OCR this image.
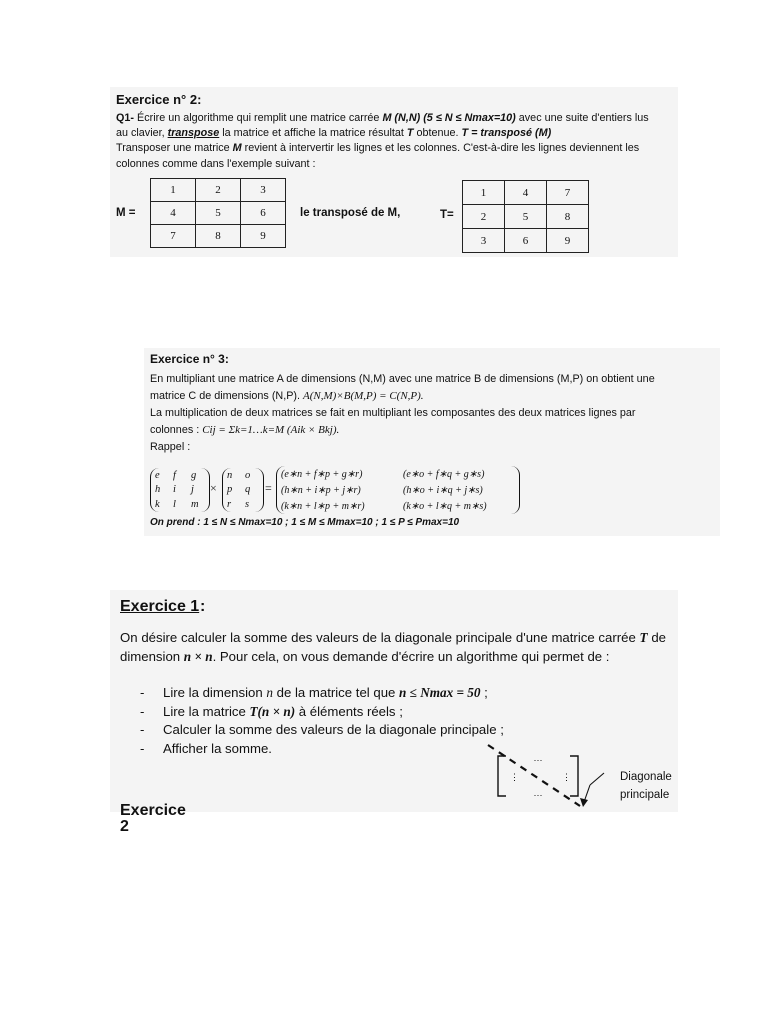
Exercice n° 2:
Q1- Écrire un algorithme qui remplit une matrice carrée M (N,N) (5 ≤ N ≤ Nmax=10) avec une suite d'entiers lus
au clavier, transpose la matrice et affiche la matrice résultat T obtenue. T = transposé (M)
Transposer une matrice M revient à intervertir les lignes et les colonnes. C'est-à-dire les lignes deviennent les
colonnes comme dans l'exemple suivant :
M =
1	2	3
4	5	6
7	8	9
le transposé de M,	T=
1	4	7
2	5	8
3	6	9
Exercice n° 3:
En multipliant une matrice A de dimensions (N,M) avec une matrice B de dimensions (M,P) on obtient une
matrice C de dimensions (N,P). A(N,M)×B(M,P) = C(N,P).
La multiplication de deux matrices se fait en multipliant les composantes des deux matrices lignes par
colonnes : Cij = Σk=1…k=M (Aik × Bkj).
Rappel :
e	f	g
h	i	j
k	l	m
×
n	o
p	q
r	s
=
(e∗n + f∗p + g∗r)	(e∗o + f∗q + g∗s)
(h∗n + i∗p + j∗r)	(h∗o + i∗q + j∗s)
(k∗n + l∗p + m∗r)	(k∗o + l∗q + m∗s)
On prend : 1 ≤ N ≤ Nmax=10 ; 1 ≤ M ≤ Mmax=10 ; 1 ≤ P ≤ Pmax=10
Exercice 1 :
On désire calculer la somme des valeurs de la diagonale principale d'une matrice carrée T de dimension n × n. Pour cela, on vous demande d'écrire un algorithme qui permet de :
- Lire la dimension n de la matrice tel que n ≤ Nmax = 50 ;
- Lire la matrice T(n × n) à éléments réels ;
- Calculer la somme des valeurs de la diagonale principale ;
- Afficher la somme.
···
···
⋮	⋮	Diagonale
principale
Exercice 2
